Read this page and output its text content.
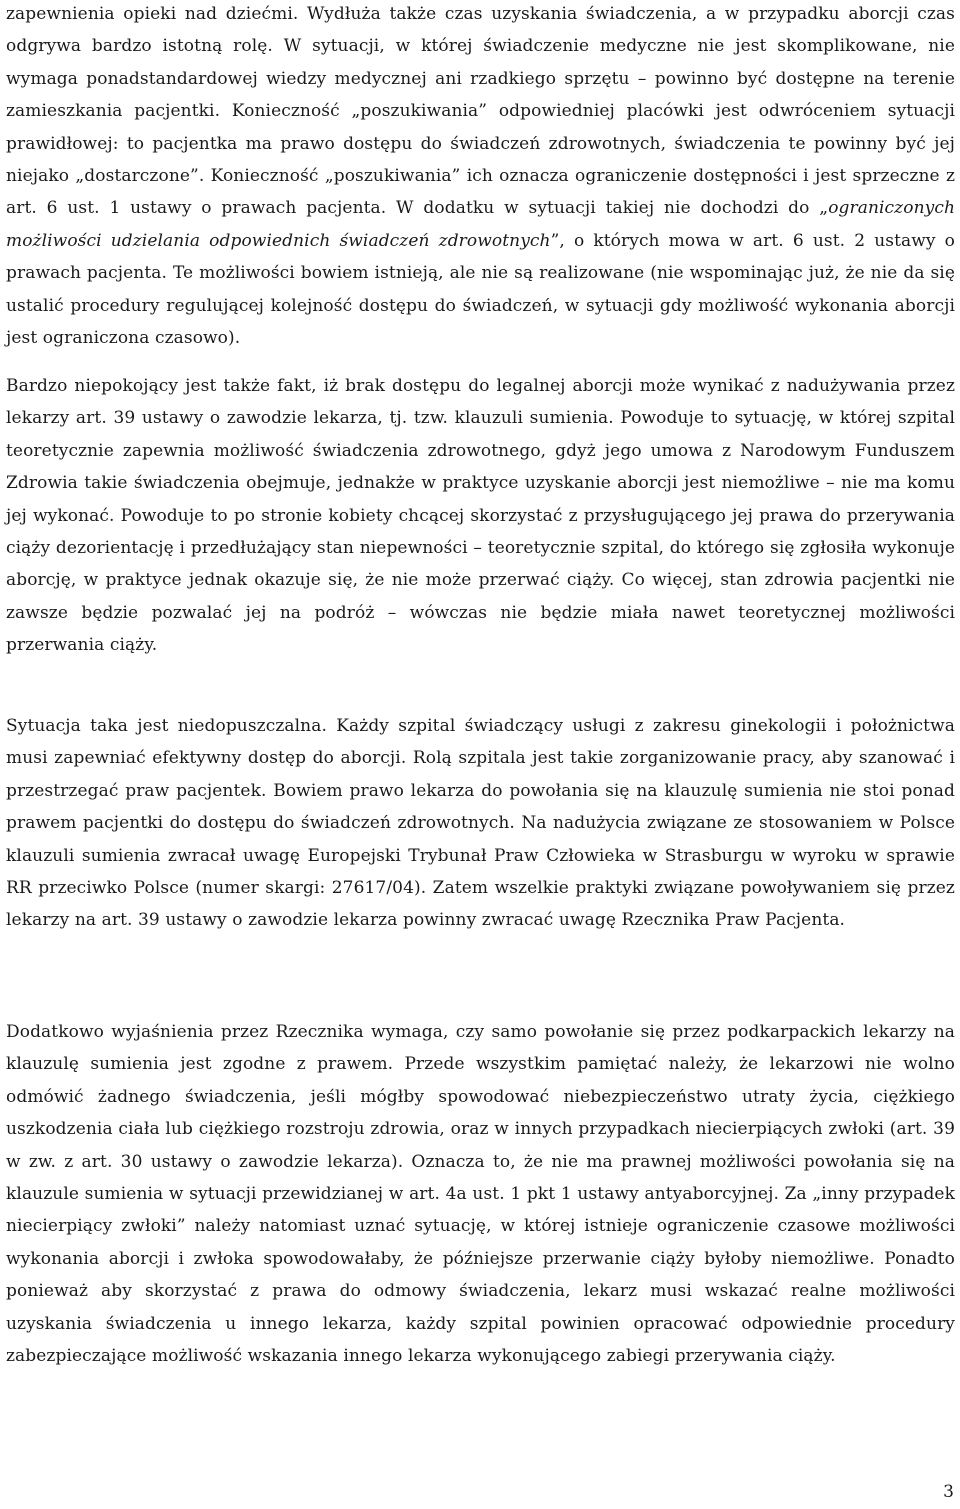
zapewnienia opieki nad dziećmi. Wydłuża także czas uzyskania świadczenia, a w przypadku aborcji czas odgrywa bardzo istotną rolę. W sytuacji, w której świadczenie medyczne nie jest skomplikowane, nie wymaga ponadstandardowej wiedzy medycznej ani rzadkiego sprzętu – powinno być dostępne na terenie zamieszkania pacjentki. Konieczność „poszukiwania” odpowiedniej placówki jest odwróceniem sytuacji prawidłowej: to pacjentka ma prawo dostępu do świadczeń zdrowotnych, świadczenia te powinny być jej niejako „dostarczone”. Konieczność „poszukiwania” ich oznacza ograniczenie dostępności i jest sprzeczne z art. 6 ust. 1 ustawy o prawach pacjenta. W dodatku w sytuacji takiej nie dochodzi do „ograniczonych możliwości udzielania odpowiednich świadczeń zdrowotnych”, o których mowa w art. 6 ust. 2 ustawy o prawach pacjenta. Te możliwości bowiem istnieją, ale nie są realizowane (nie wspominając już, że nie da się ustalić procedury regulującej kolejność dostępu do świadczeń, w sytuacji gdy możliwość wykonania aborcji jest ograniczona czasowo).

Bardzo niepokojący jest także fakt, iż brak dostępu do legalnej aborcji może wynikać z nadużywania przez lekarzy art. 39 ustawy o zawodzie lekarza, tj. tzw. klauzuli sumienia. Powoduje to sytuację, w której szpital teoretycznie zapewnia możliwość świadczenia zdrowotnego, gdyż jego umowa z Narodowym Funduszem Zdrowia takie świadczenia obejmuje, jednakże w praktyce uzyskanie aborcji jest niemożliwe – nie ma komu jej wykonać. Powoduje to po stronie kobiety chcącej skorzystać z przysługującego jej prawa do przerywania ciąży dezorientację i przedłużający stan niepewności – teoretycznie szpital, do którego się zgłosiła wykonuje aborcję, w praktyce jednak okazuje się, że nie może przerwać ciąży. Co więcej, stan zdrowia pacjentki nie zawsze będzie pozwalać jej na podróż – wówczas nie będzie miała nawet teoretycznej możliwości przerwania ciąży.

Sytuacja taka jest niedopuszczalna. Każdy szpital świadczący usługi z zakresu ginekologii i położnictwa musi zapewniać efektywny dostęp do aborcji. Rolą szpitala jest takie zorganizowanie pracy, aby szanować i przestrzegać praw pacjentek. Bowiem prawo lekarza do powołania się na klauzulę sumienia nie stoi ponad prawem pacjentki do dostępu do świadczeń zdrowotnych. Na nadużycia związane ze stosowaniem w Polsce klauzuli sumienia zwracał uwagę Europejski Trybunał Praw Człowieka w Strasburgu w wyroku w sprawie RR przeciwko Polsce (numer skargi: 27617/04). Zatem wszelkie praktyki związane powoływaniem się przez lekarzy na art. 39 ustawy o zawodzie lekarza powinny zwracać uwagę Rzecznika Praw Pacjenta.

Dodatkowo wyjaśnienia przez Rzecznika wymaga, czy samo powołanie się przez podkarpackich lekarzy na klauzulę sumienia jest zgodne z prawem. Przede wszystkim pamiętać należy, że lekarzowi nie wolno odmówić żadnego świadczenia, jeśli mógłby spowodować niebezpieczeństwo utraty życia, ciężkiego uszkodzenia ciała lub ciężkiego rozstroju zdrowia, oraz w innych przypadkach niecierpiących zwłoki (art. 39 w zw. z art. 30 ustawy o zawodzie lekarza). Oznacza to, że nie ma prawnej możliwości powołania się na klauzule sumienia w sytuacji przewidzianej w art. 4a ust. 1 pkt 1 ustawy antyaborcyjnej. Za „inny przypadek niecierpiący zwłoki” należy natomiast uznać sytuację, w której istnieje ograniczenie czasowe możliwości wykonania aborcji i zwłoka spowodowałaby, że późniejsze przerwanie ciąży byłoby niemożliwe. Ponadto ponieważ aby skorzystać z prawa do odmowy świadczenia, lekarz musi wskazać realne możliwości uzyskania świadczenia u innego lekarza, każdy szpital powinien opracować odpowiednie procedury zabezpieczające możliwość wskazania innego lekarza wykonującego zabiegi przerywania ciąży.

3
